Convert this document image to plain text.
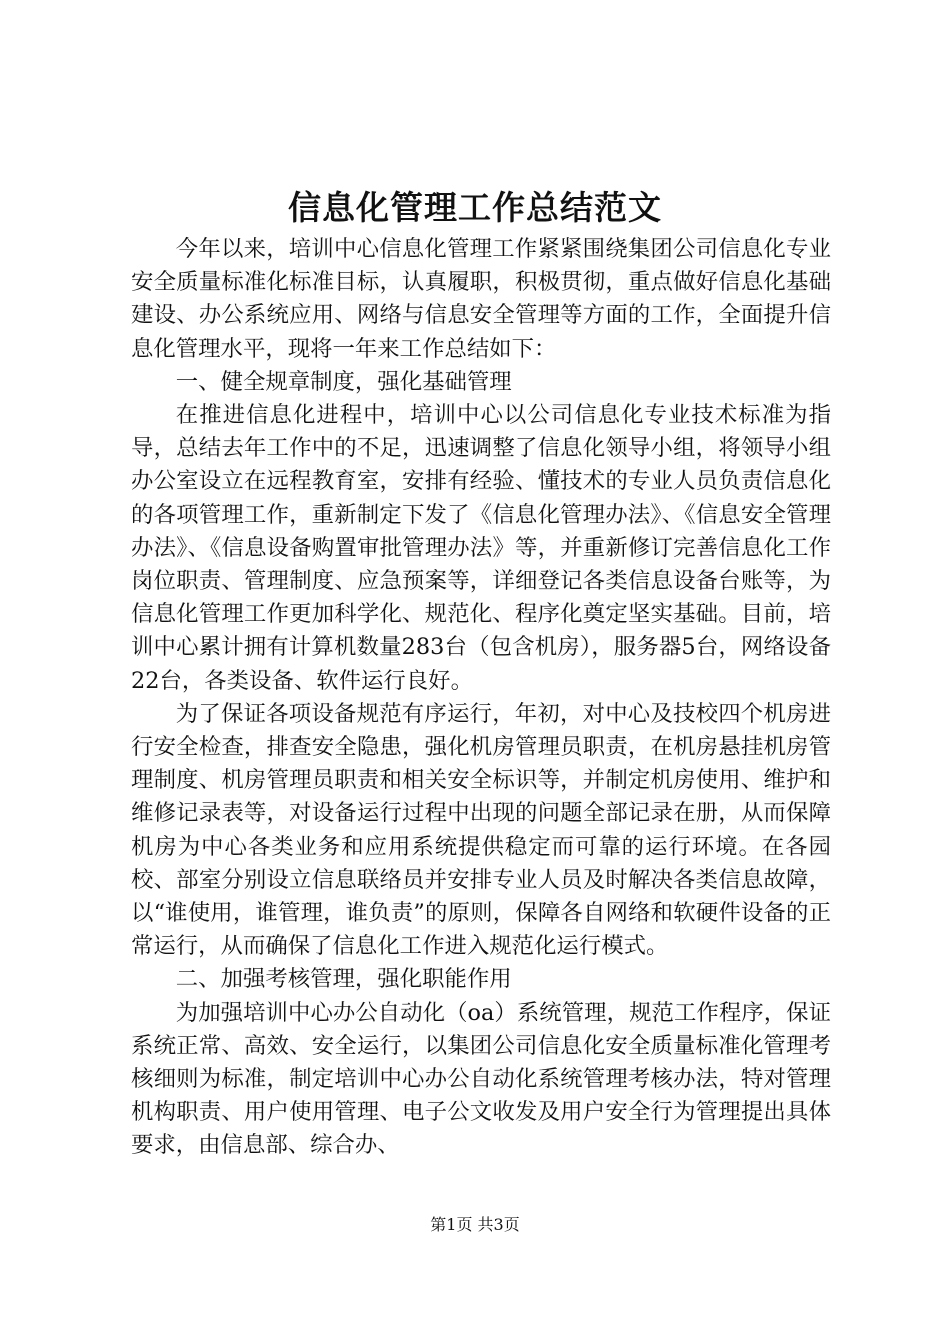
信息化管理工作总结范文

今年以来，培训中心信息化管理工作紧紧围绕集团公司信息化专业安全质量标准化标准目标，认真履职，积极贯彻，重点做好信息化基础建设、办公系统应用、网络与信息安全管理等方面的工作，全面提升信息化管理水平，现将一年来工作总结如下：

一、健全规章制度，强化基础管理

在推进信息化进程中，培训中心以公司信息化专业技术标准为指导，总结去年工作中的不足，迅速调整了信息化领导小组，将领导小组办公室设立在远程教育室，安排有经验、懂技术的专业人员负责信息化的各项管理工作，重新制定下发了《信息化管理办法》、《信息安全管理办法》、《信息设备购置审批管理办法》等，并重新修订完善信息化工作岗位职责、管理制度、应急预案等，详细登记各类信息设备台账等，为信息化管理工作更加科学化、规范化、程序化奠定坚实基础。目前，培训中心累计拥有计算机数量283台（包含机房），服务器5台，网络设备22台，各类设备、软件运行良好。

为了保证各项设备规范有序运行，年初，对中心及技校四个机房进行安全检查，排查安全隐患，强化机房管理员职责，在机房悬挂机房管理制度、机房管理员职责和相关安全标识等，并制定机房使用、维护和维修记录表等，对设备运行过程中出现的问题全部记录在册，从而保障机房为中心各类业务和应用系统提供稳定而可靠的运行环境。在各园校、部室分别设立信息联络员并安排专业人员及时解决各类信息故障，以“谁使用，谁管理，谁负责”的原则，保障各自网络和软硬件设备的正常运行，从而确保了信息化工作进入规范化运行模式。

二、加强考核管理，强化职能作用

为加强培训中心办公自动化（oa）系统管理，规范工作程序，保证系统正常、高效、安全运行，以集团公司信息化安全质量标准化管理考核细则为标准，制定培训中心办公自动化系统管理考核办法，特对管理机构职责、用户使用管理、电子公文收发及用户安全行为管理提出具体要求，由信息部、综合办、

第1页 共3页
